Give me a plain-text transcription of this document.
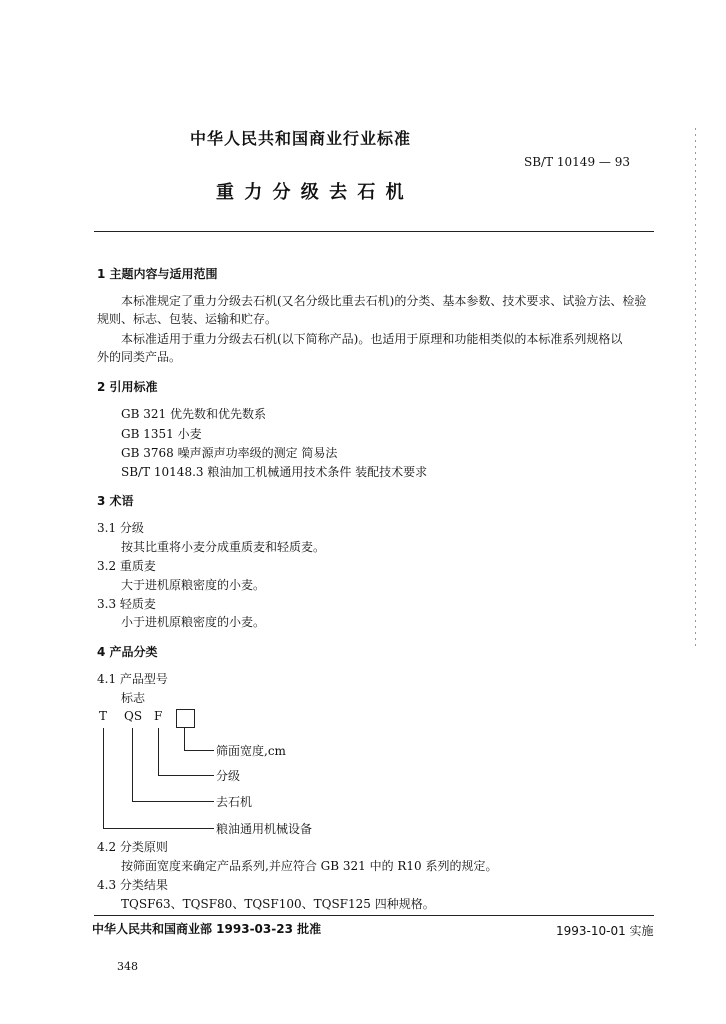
中华人民共和国商业行业标准
SB/T 10149 — 93
重 力 分 级 去 石 机
1 主题内容与适用范围
本标准规定了重力分级去石机(又名分级比重去石机)的分类、基本参数、技术要求、试验方法、检验
规则、标志、包装、运输和贮存。
本标准适用于重力分级去石机(以下简称产品)。也适用于原理和功能相类似的本标准系列规格以
外的同类产品。
2 引用标准
GB 321 优先数和优先数系
GB 1351 小麦
GB 3768 噪声源声功率级的测定 简易法
SB/T 10148.3 粮油加工机械通用技术条件 装配技术要求
3 术语
3.1 分级
按其比重将小麦分成重质麦和轻质麦。
3.2 重质麦
大于进机原粮密度的小麦。
3.3 轻质麦
小于进机原粮密度的小麦。
4 产品分类
4.1 产品型号
标志
T QS F
筛面宽度,cm
分级
去石机
粮油通用机械设备
4.2 分类原则
按筛面宽度来确定产品系列,并应符合 GB 321 中的 R10 系列的规定。
4.3 分类结果
TQSF63、TQSF80、TQSF100、TQSF125 四种规格。
中华人民共和国商业部 1993-03-23 批准	1993-10-01 实施
348
